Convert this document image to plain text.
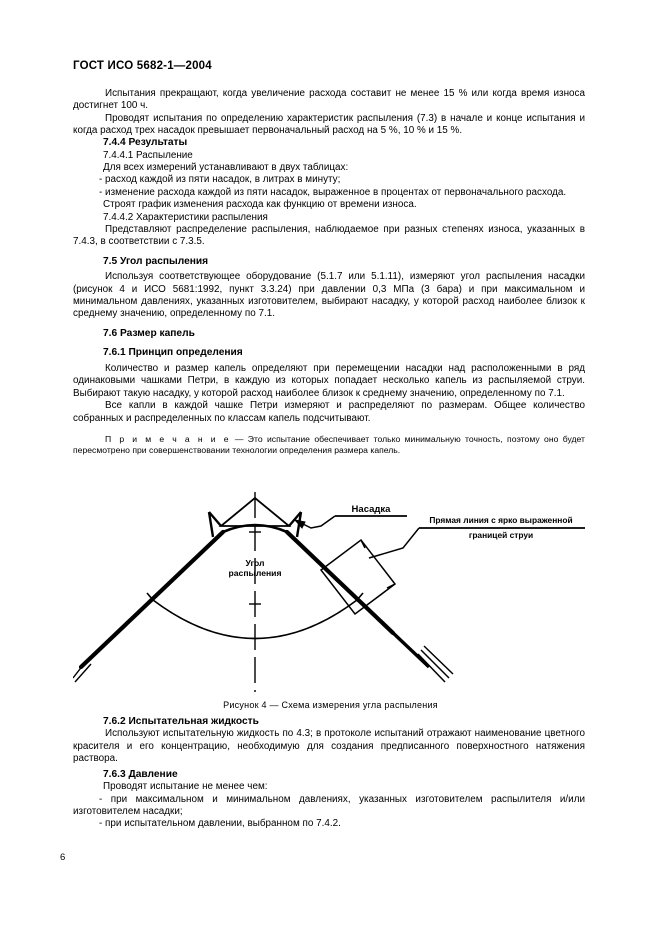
ГОСТ ИСО 5682-1—2004

Испытания прекращают, когда увеличение расхода составит не менее 15 % или когда время износа достигнет 100 ч.

Проводят испытания по определению характеристик распыления (7.3) в начале и конце испытания и когда расход трех насадок превышает первоначальный расход на 5 %, 10 % и 15 %.

7.4.4 Результаты
7.4.4.1 Распыление

Для всех измерений устанавливают в двух таблицах:

- расход каждой из пяти насадок, в литрах в минуту;

- изменение расхода каждой из пяти насадок, выраженное в процентах от первоначального расхода.

Строят график изменения расхода как функцию от времени износа.

7.4.4.2 Характеристики распыления

Представляют распределение распыления, наблюдаемое при разных степенях износа, указанных в 7.4.3, в соответствии с 7.3.5.

7.5 Угол распыления

Используя соответствующее оборудование (5.1.7 или 5.1.11), измеряют угол распыления насадки (рисунок 4 и ИСО 5681:1992, пункт 3.3.24) при давлении 0,3 МПа (3 бара) и при максимальном и минимальном давлениях, указанных изготовителем, выбирают насадку, у которой расход наиболее близок к среднему значению, определенному по 7.1.

7.6 Размер капель
7.6.1 Принцип определения

Количество и размер капель определяют при перемещении насадки над расположенными в ряд одинаковыми чашками Петри, в каждую из которых попадает несколько капель из распыляемой струи. Выбирают такую насадку, у которой расход наиболее близок к среднему значению, определенному по 7.1.

Все капли в каждой чашке Петри измеряют и распределяют по размерам. Общее количество собранных и распределенных по классам капель подсчитывают.

П р и м е ч а н и е — Это испытание обеспечивает только минимальную точность, поэтому оно будет пересмотрено при совершенствовании технологии определения размера капель.

Насадка
Угол
распыления
Прямая линия с ярко выраженной
границей струи
Рисунок 4 — Схема измерения угла распыления
7.6.2 Испытательная жидкость

Используют испытательную жидкость по 4.3; в протоколе испытаний отражают наименование цветного красителя и его концентрацию, необходимую для создания предписанного поверхностного натяжения раствора.

7.6.3 Давление

Проводят испытание не менее чем:

- при максимальном и минимальном давлениях, указанных изготовителем распылителя и/или изготовителем насадки;

- при испытательном давлении, выбранном по 7.4.2.

6
